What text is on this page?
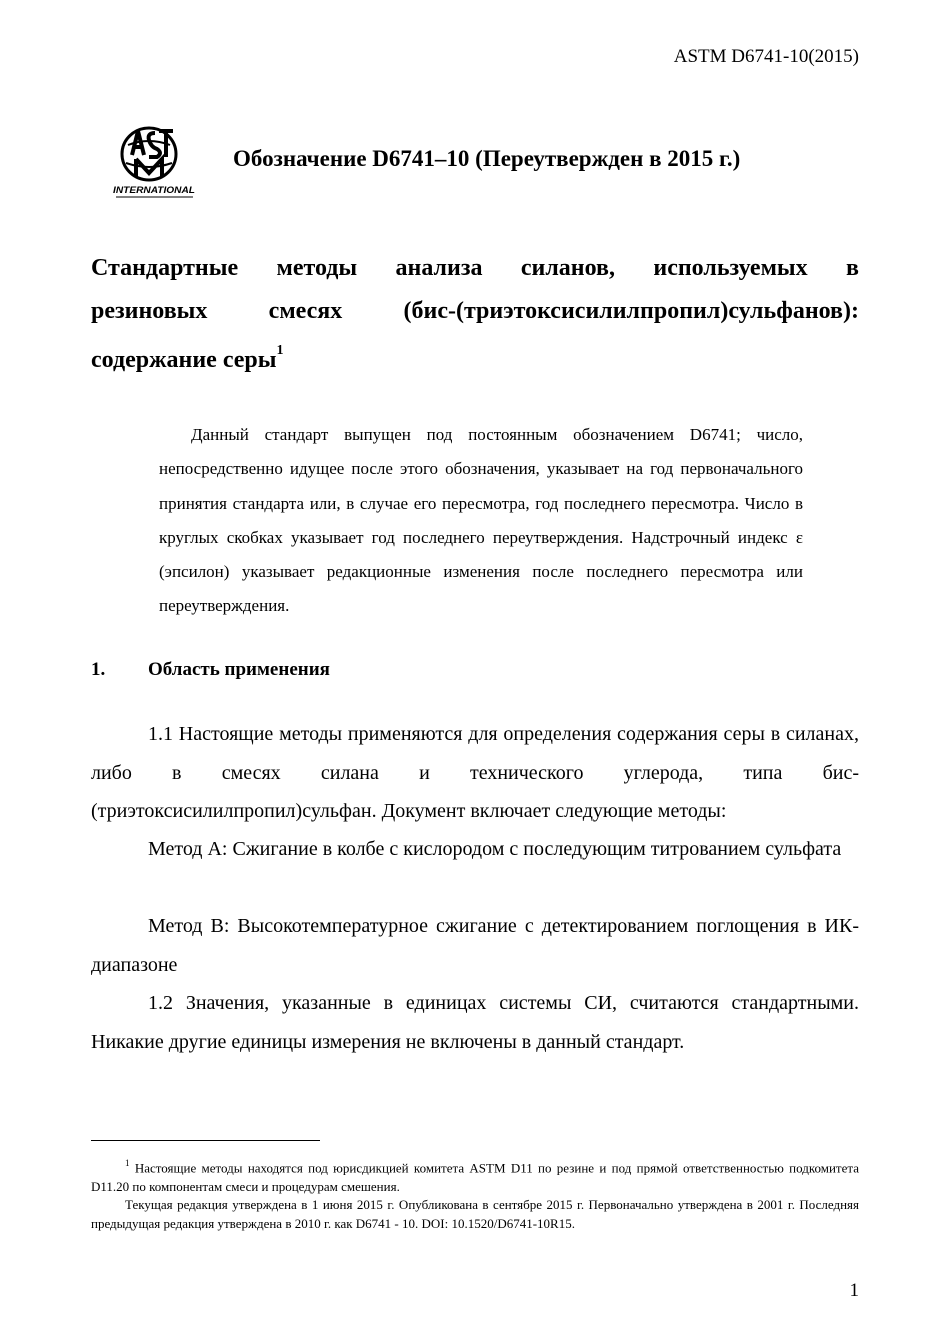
ASTM D6741-10(2015)
INTERNATIONAL
Обозначение D6741–10 (Переутвержден в 2015 г.)
Стандартные методы анализа силанов, используемых в
резиновых смесях (бис-(триэтоксисилилпропил)сульфанов):
содержание серы$^1$
Данный стандарт выпущен под постоянным обозначением D6741; число, непосредственно идущее после этого обозначения, указывает на год первоначального принятия стандарта или, в случае его пересмотра, год последнего пересмотра. Число в круглых скобках указывает год последнего переутверждения. Надстрочный индекс ε (эпсилон) указывает редакционные изменения после последнего пересмотра или переутверждения.
1. Область применения

1.1 Настоящие методы применяются для определения содержания серы в силанах, либо в смесях силана и технического углерода, типа бис-(триэтоксисилилпропил)сульфан. Документ включает следующие методы:

Метод А: Сжигание в колбе с кислородом с последующим титрованием сульфата

Метод В: Высокотемпературное сжигание с детектированием поглощения в ИК-диапазоне

1.2 Значения, указанные в единицах системы СИ, считаются стандартными. Никакие другие единицы измерения не включены в данный стандарт.

$^1$ Настоящие методы находятся под юрисдикцией комитета ASTM D11 по резине и под прямой ответственностью подкомитета D11.20 по компонентам смеси и процедурам смешения.

Текущая редакция утверждена в 1 июня 2015 г. Опубликована в сентябре 2015 г. Первоначально утверждена в 2001 г. Последняя предыдущая редакция утверждена в 2010 г. как D6741 - 10. DOI: 10.1520/D6741-10R15.

1
